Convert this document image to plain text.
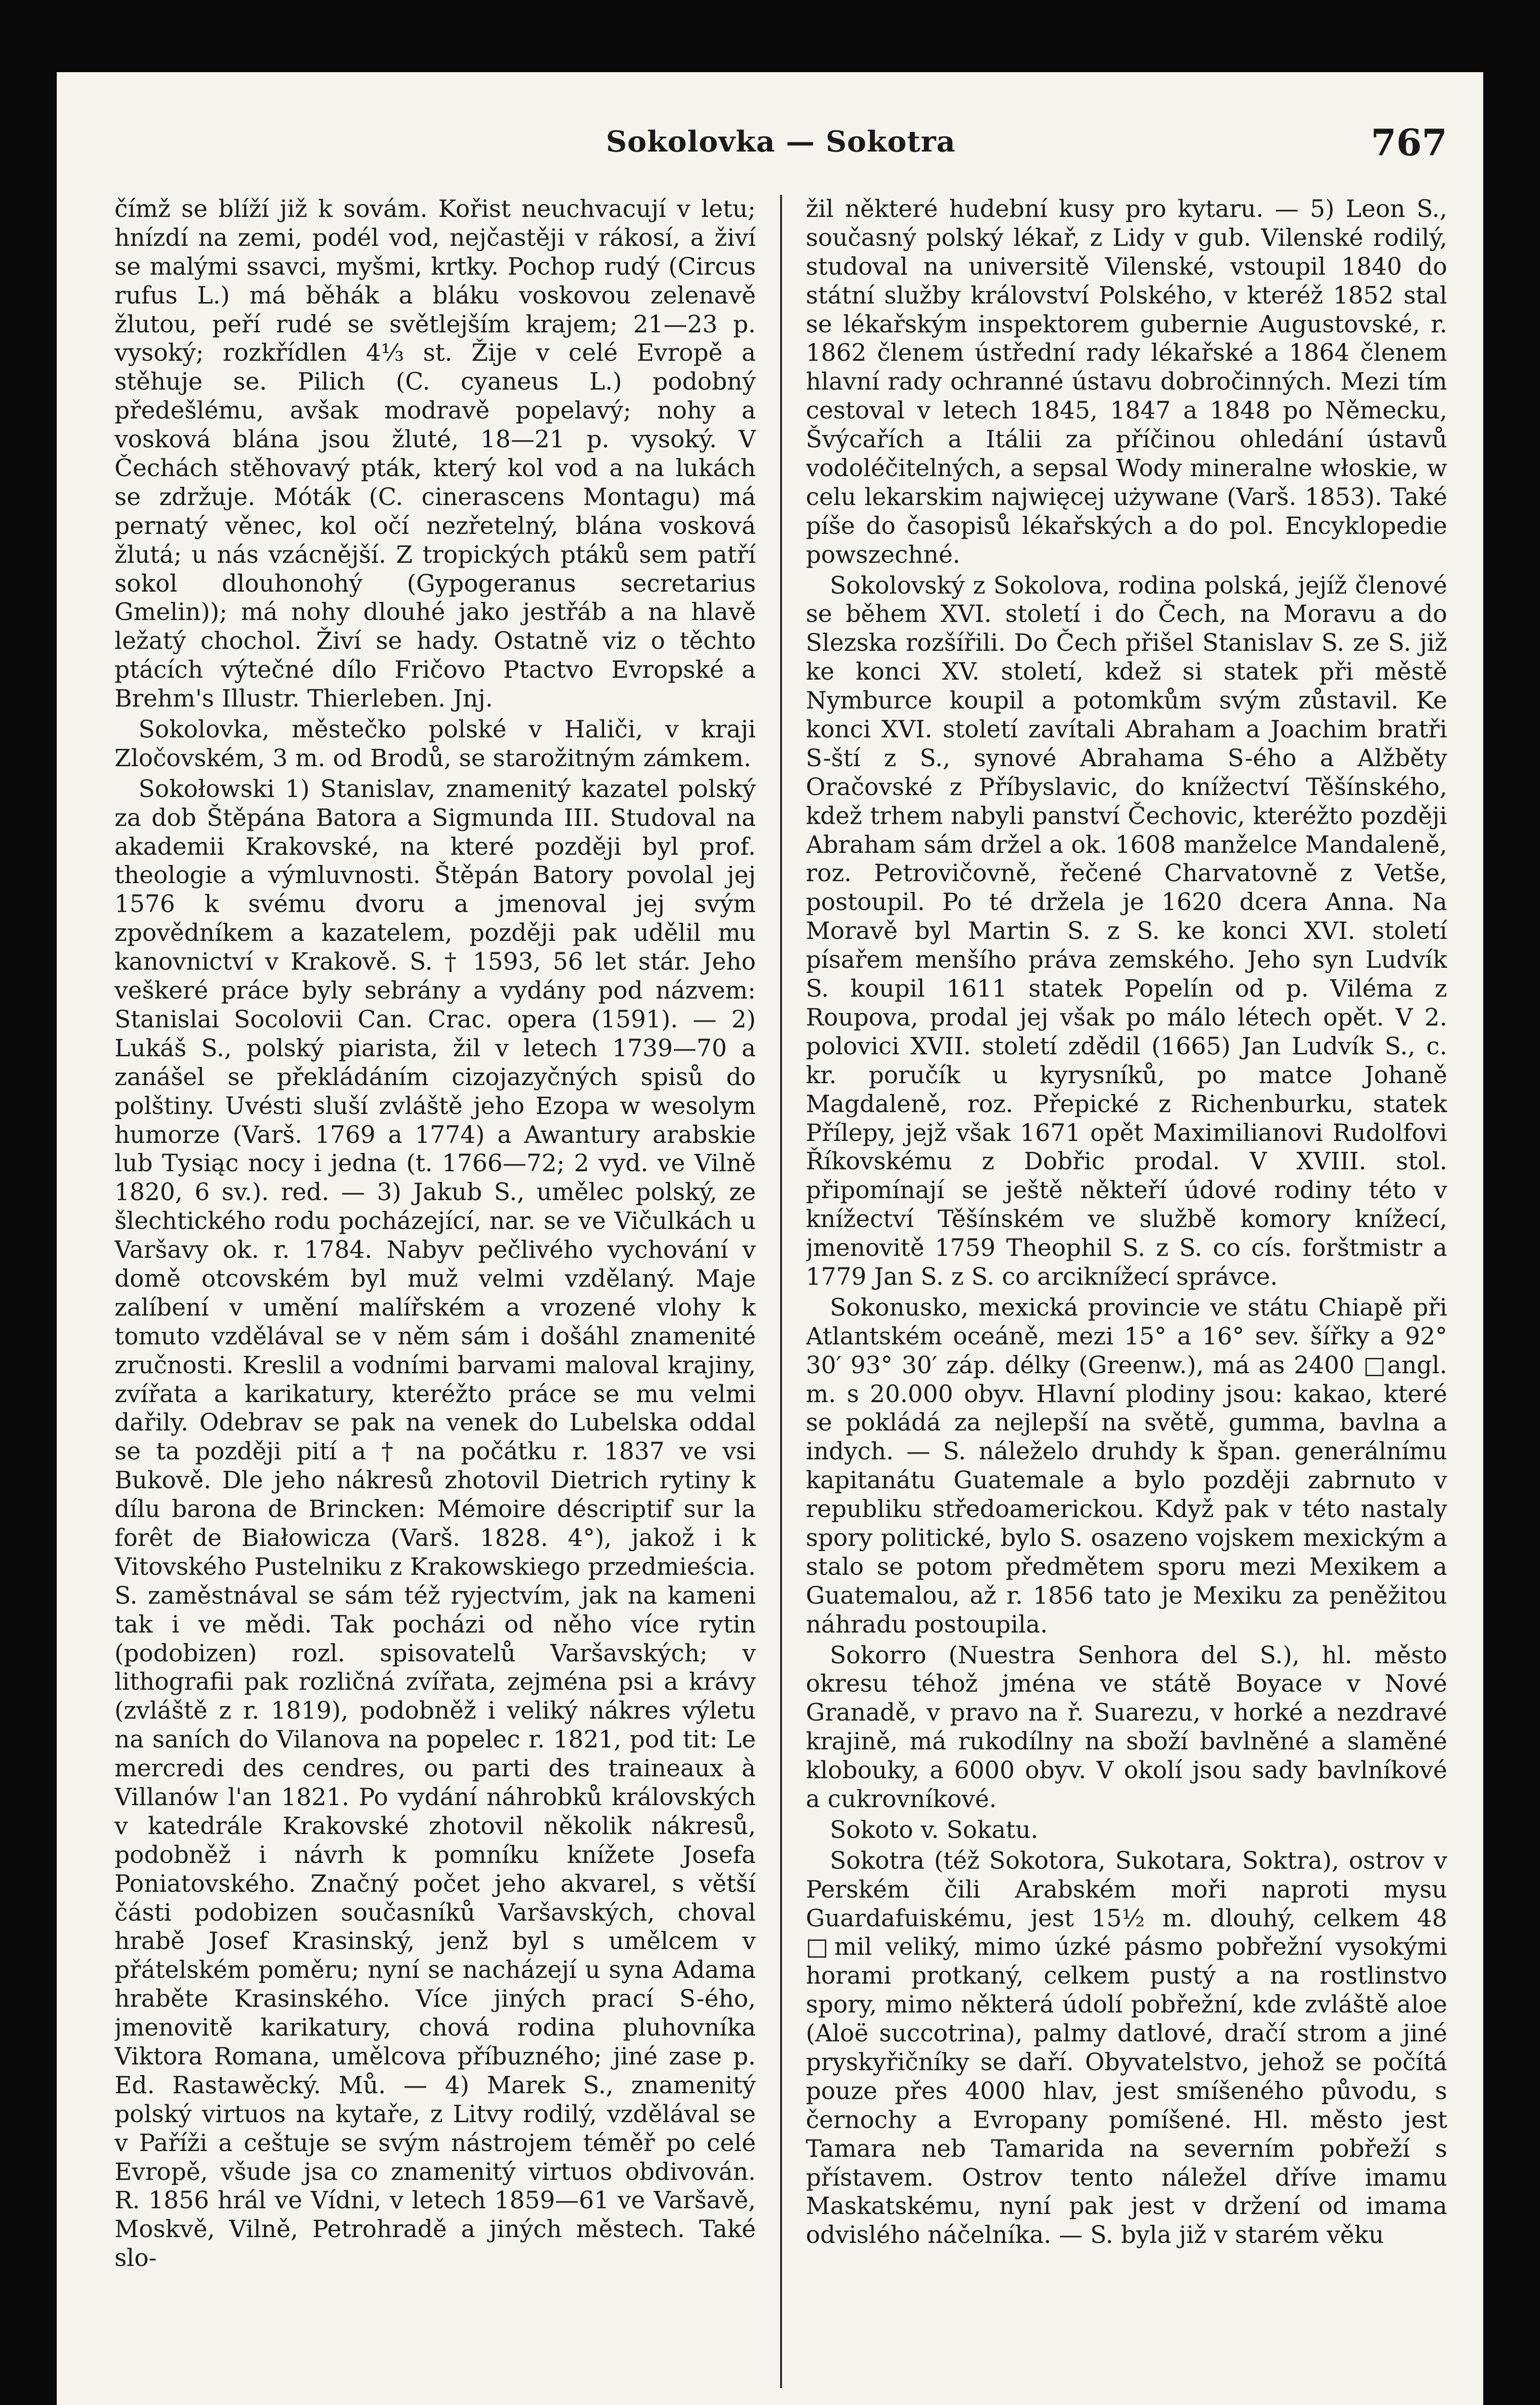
Sokolovka — Sokotra	767

čímž se blíží již k sovám. Kořist neuchvacují v letu; hnízdí na zemi, podél vod, nejčastěji v rákosí, a živí se malými ssavci, myšmi, krtky. Pochop rudý (Circus rufus L.) má běhák a bláku voskovou zelenavě žlutou, peří rudé se světlejším krajem; 21—23 p. vysoký; rozkřídlen 4⅓ st. Žije v celé Evropě a stěhuje se. Pilich (C. cyaneus L.) podobný předešlému, avšak modravě popelavý; nohy a vosková blána jsou žluté, 18—21 p. vysoký. V Čechách stěhovavý pták, který kol vod a na lukách se zdržuje. Móták (C. cinerascens Montagu) má pernatý věnec, kol očí nezřetelný, blána vosková žlutá; u nás vzácnější. Z tropických ptáků sem patří sokol dlouhonohý (Gypogeranus secretarius Gmelin)); má nohy dlouhé jako jestřáb a na hlavě ležatý chochol. Živí se hady. Ostatně viz o těchto ptácích výtečné dílo Fričovo Ptactvo Evropské a Brehm's Illustr. Thierleben. Jnj.

Sokolovka, městečko polské v Haliči, v kraji Zločovském, 3 m. od Brodů, se starožitným zámkem.

Sokołowski 1) Stanislav, znamenitý kazatel polský za dob Štěpána Batora a Sigmunda III. Studoval na akademii Krakovské, na které později byl prof. theologie a výmluvnosti. Štěpán Batory povolal jej 1576 k svému dvoru a jmenoval jej svým zpovědníkem a kazatelem, později pak udělil mu kanovnictví v Krakově. S. † 1593, 56 let stár. Jeho veškeré práce byly sebrány a vydány pod názvem: Stanislai Socolovii Can. Crac. opera (1591). — 2) Lukáš S., polský piarista, žil v letech 1739—70 a zanášel se překládáním cizojazyčných spisů do polštiny. Uvésti sluší zvláště jeho Ezopa w wesolym humorze (Varš. 1769 a 1774) a Awantury arabskie lub Tysiąc nocy i jedna (t. 1766—72; 2 vyd. ve Vilně 1820, 6 sv.). red. — 3) Jakub S., umělec polský, ze šlechtického rodu pocházející, nar. se ve Vičulkách u Varšavy ok. r. 1784. Nabyv pečlivého vychování v domě otcovském byl muž velmi vzdělaný. Maje zalíbení v umění malířském a vrozené vlohy k tomuto vzdělával se v něm sám i došáhl znamenité zručnosti. Kreslil a vodními barvami maloval krajiny, zvířata a karikatury, kteréžto práce se mu velmi dařily. Odebrav se pak na venek do Lubelska oddal se ta později pití a † na počátku r. 1837 ve vsi Bukově. Dle jeho nákresů zhotovil Dietrich rytiny k dílu barona de Brincken: Mémoire déscriptif sur la forêt de Białowicza (Varš. 1828. 4°), jakož i k Vitovského Pustelniku z Krakowskiego przedmieścia. S. zaměstnával se sám též ryjectvím, jak na kameni tak i ve mědi. Tak pocházi od něho více rytin (podobizen) rozl. spisovatelů Varšavských; v lithografii pak rozličná zvířata, zejména psi a krávy (zvláště z r. 1819), podobněž i veliký nákres výletu na saních do Vilanova na popelec r. 1821, pod tit: Le mercredi des cendres, ou parti des traineaux à Villanów l'an 1821. Po vydání náhrobků královských v katedrále Krakovské zhotovil několik nákresů, podobněž i návrh k pomníku knížete Josefa Poniatovského. Značný počet jeho akvarel, s větší části podobizen současníků Varšavských, choval hrabě Josef Krasinský, jenž byl s umělcem v přátelském poměru; nyní se nacházejí u syna Adama hraběte Krasinského. Více jiných prací S-ého, jmenovitě karikatury, chová rodina pluhovníka Viktora Romana, umělcova příbuzného; jiné zase p. Ed. Rastawěcký. Mů. — 4) Marek S., znamenitý polský virtuos na kytaře, z Litvy rodilý, vzdělával se v Paříži a ceštuje se svým nástrojem téměř po celé Evropě, všude jsa co znamenitý virtuos obdivován. R. 1856 hrál ve Vídni, v letech 1859—61 ve Varšavě, Moskvě, Vilně, Petrohradě a jiných městech. Také slo-

žil některé hudební kusy pro kytaru. — 5) Leon S., současný polský lékař, z Lidy v gub. Vilenské rodilý, studoval na universitě Vilenské, vstoupil 1840 do státní služby království Polského, v kteréž 1852 stal se lékařským inspektorem gubernie Augustovské, r. 1862 členem ústřední rady lékařské a 1864 členem hlavní rady ochranné ústavu dobročinných. Mezi tím cestoval v letech 1845, 1847 a 1848 po Německu, Švýcařích a Itálii za příčinou ohledání ústavů vodoléčitelných, a sepsal Wody mineralne włoskie, w celu lekarskim najwięcej używane (Varš. 1853). Také píše do časopisů lékařských a do pol. Encyklopedie powszechné.

Sokolovský z Sokolova, rodina polská, jejíž členové se během XVI. století i do Čech, na Moravu a do Slezska rozšířili. Do Čech přišel Stanislav S. ze S. již ke konci XV. století, kdež si statek při městě Nymburce koupil a potomkům svým zůstavil. Ke konci XVI. století zavítali Abraham a Joachim bratři S-ští z S., synové Abrahama S-ého a Alžběty Oračovské z Příbyslavic, do knížectví Těšínského, kdež trhem nabyli panství Čechovic, kteréžto později Abraham sám držel a ok. 1608 manželce Mandaleně, roz. Petrovičovně, řečené Charvatovně z Vetše, postoupil. Po té držela je 1620 dcera Anna. Na Moravě byl Martin S. z S. ke konci XVI. století písařem menšího práva zemského. Jeho syn Ludvík S. koupil 1611 statek Popelín od p. Viléma z Roupova, prodal jej však po málo létech opět. V 2. polovici XVII. století zdědil (1665) Jan Ludvík S., c. kr. poručík u kyrysníků, po matce Johaně Magdaleně, roz. Přepické z Richenburku, statek Přílepy, jejž však 1671 opět Maximilianovi Rudolfovi Říkovskému z Dobřic prodal. V XVIII. stol. připomínají se ještě někteří údové rodiny této v knížectví Těšínském ve službě komory knížecí, jmenovitě 1759 Theophil S. z S. co cís. forštmistr a 1779 Jan S. z S. co arciknížecí správce.

Sokonusko, mexická provincie ve státu Chiapě při Atlantském oceáně, mezi 15° a 16° sev. šířky a 92° 30′ 93° 30′ záp. délky (Greenw.), má as 2400 □angl. m. s 20.000 obyv. Hlavní plodiny jsou: kakao, které se pokládá za nejlepší na světě, gumma, bavlna a indych. — S. náleželo druhdy k špan. generálnímu kapitanátu Guatemale a bylo později zabrnuto v republiku středoamerickou. Když pak v této nastaly spory politické, bylo S. osazeno vojskem mexickým a stalo se potom předmětem sporu mezi Mexikem a Guatemalou, až r. 1856 tato je Mexiku za peněžitou náhradu postoupila.

Sokorro (Nuestra Senhora del S.), hl. město okresu téhož jména ve státě Boyace v Nové Granadě, v pravo na ř. Suarezu, v horké a nezdravé krajině, má rukodílny na sboží bavlněné a slaměné klobouky, a 6000 obyv. V okolí jsou sady bavlníkové a cukrovníkové.

Sokoto v. Sokatu.

Sokotra (též Sokotora, Sukotara, Soktra), ostrov v Perském čili Arabském moři naproti mysu Guardafuiskému, jest 15½ m. dlouhý, celkem 48 □mil veliký, mimo úzké pásmo pobřežní vysokými horami protkaný, celkem pustý a na rostlinstvo spory, mimo některá údolí pobřežní, kde zvláště aloe (Aloë succotrina), palmy datlové, dračí strom a jiné pryskyřičníky se daří. Obyvatelstvo, jehož se počítá pouze přes 4000 hlav, jest smíšeného původu, s černochy a Evropany pomíšené. Hl. město jest Tamara neb Tamarida na severním pobřeží s přístavem. Ostrov tento náležel dříve imamu Maskatskému, nyní pak jest v držení od imama odvislého náčelníka. — S. byla již v starém věku
